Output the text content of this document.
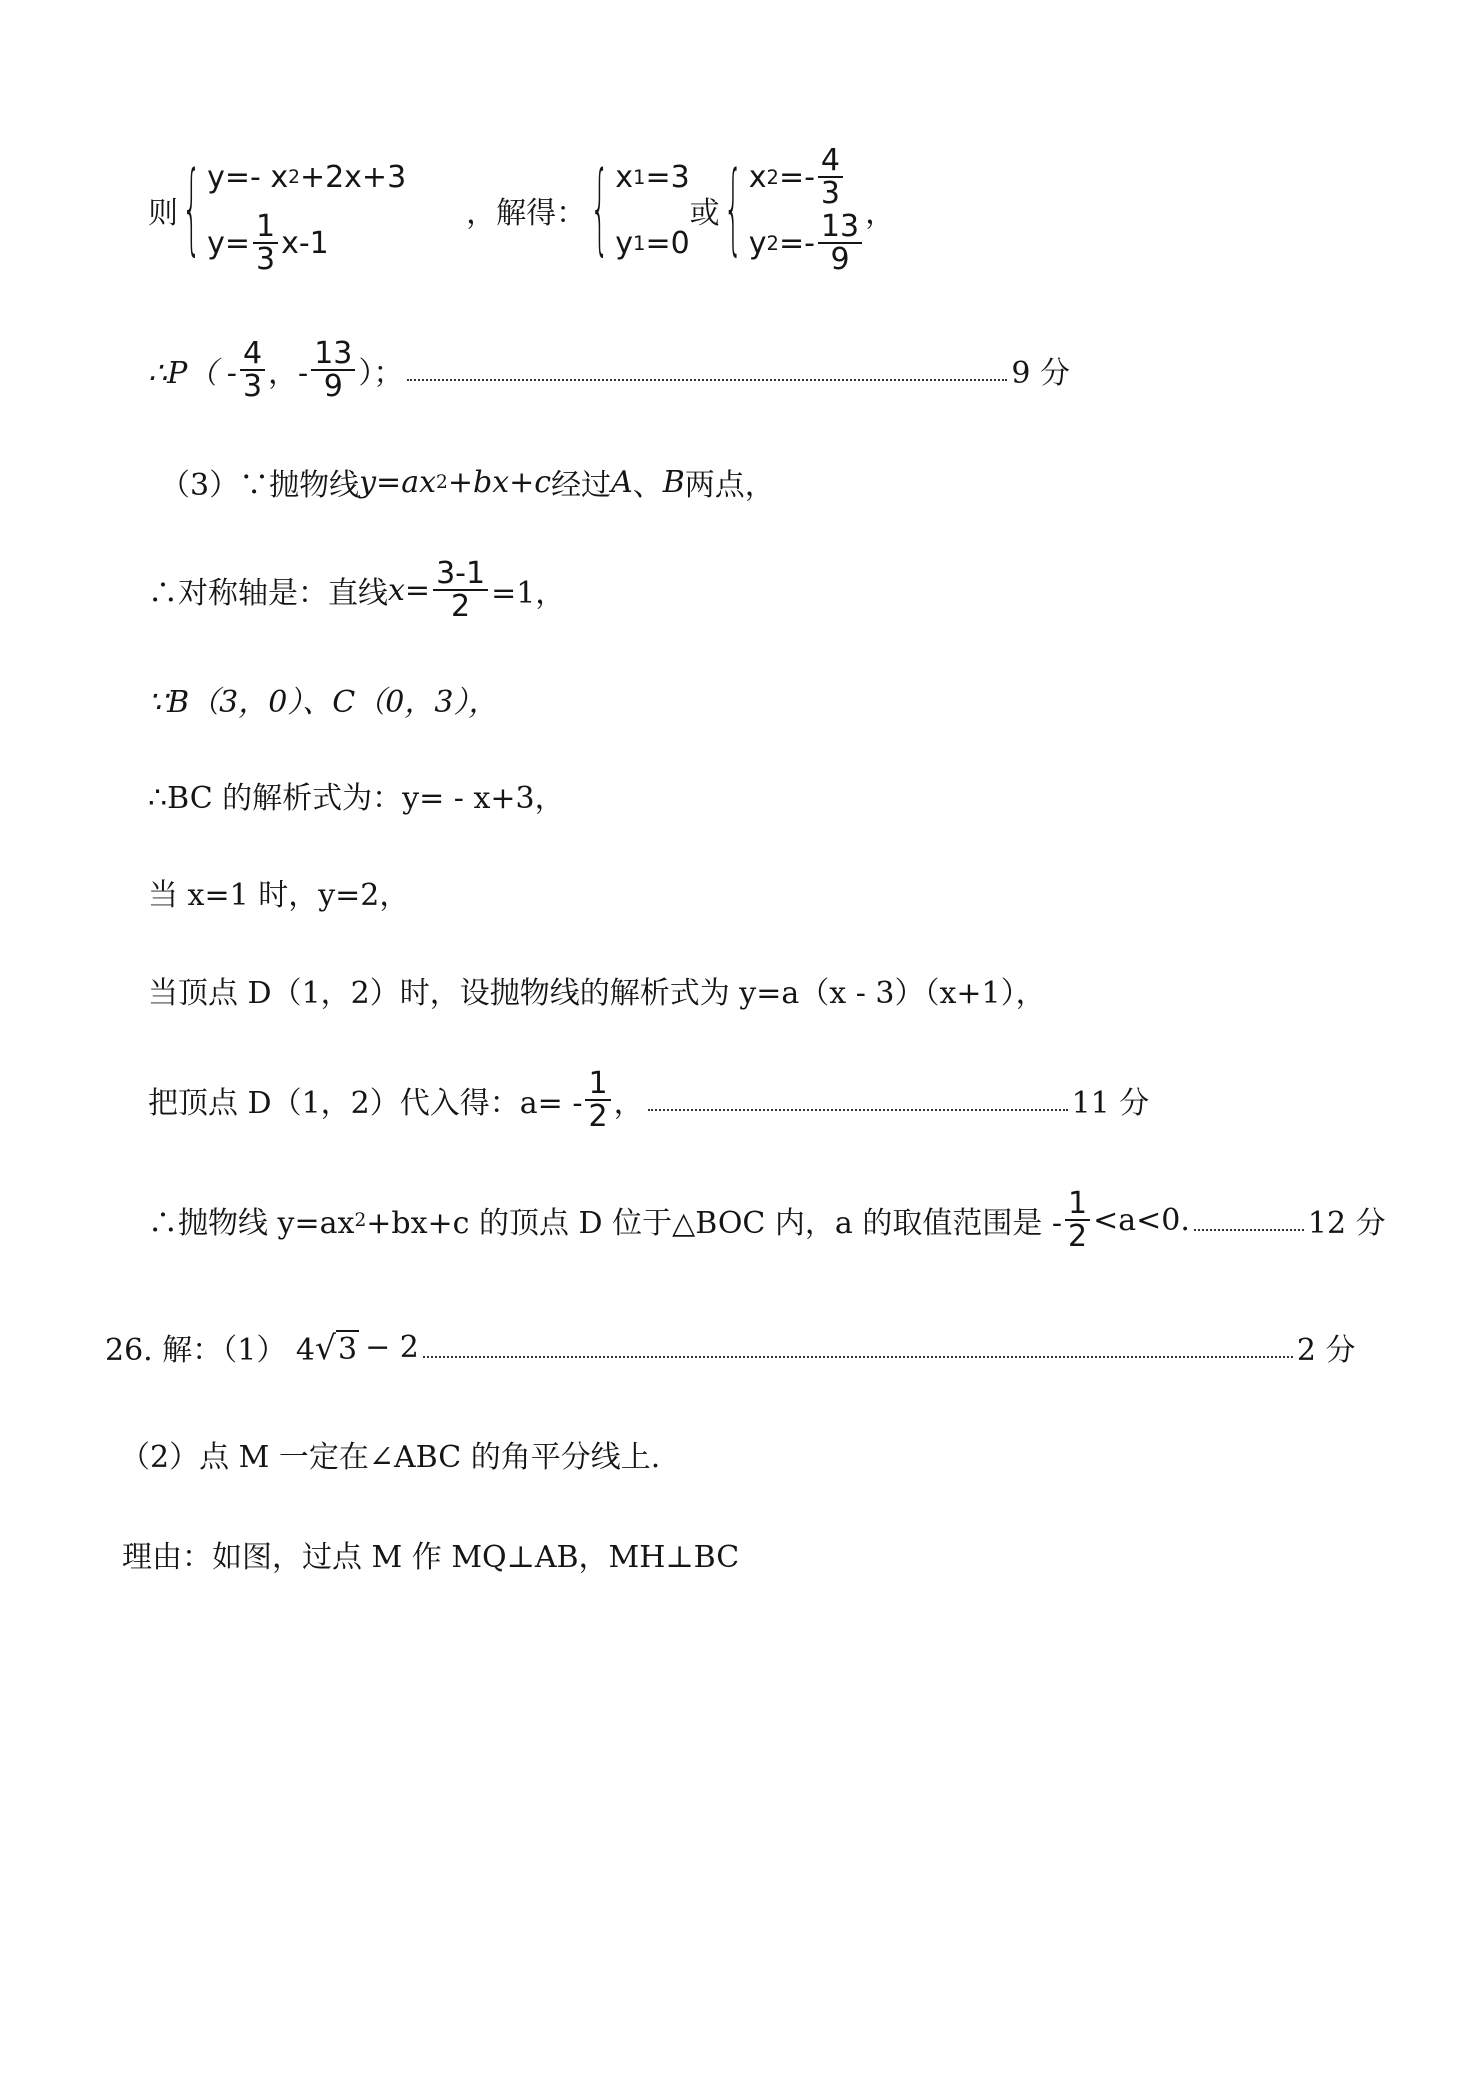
则 { y=- x 2 +2x+3
$y= \frac{1}{3} x-1$
，解得： { x 1 =3
y 1 =0
或 { x $2 =- \frac{4}{3}$
y $2 =- \frac{13}{9}$ ，
∴P（ - $\frac{4}{3}$ ，- $\frac{13}{9}$ ）；	9 分
（3）∵抛物线 y = ax 2 + bx + c 经过 A 、 B 两点，
∴对称轴是：直线 $x = \frac{3-1}{2} =1$，
∵B（3，0）、C（0，3），
∴BC 的解析式为：y= - x+3，
当 x=1 时，y=2，
当顶点 D（1，2）时，设抛物线的解析式为 y=a（x - 3）（x+1），
把顶点 D（1，2）代入得：$a= - \frac{1}{2}$ ，	11 分
∴抛物线 y=ax 2 +bx+c 的顶点 D 位于△BOC 内，a 的取值范围是 - $\frac{1}{2} <a<0$.	12 分
26. 解：（1） 4 √ 3 − 2	2 分
（2）点 M 一定在∠ABC 的角平分线上.
理由：如图，过点 M 作 MQ⊥AB，MH⊥BC
